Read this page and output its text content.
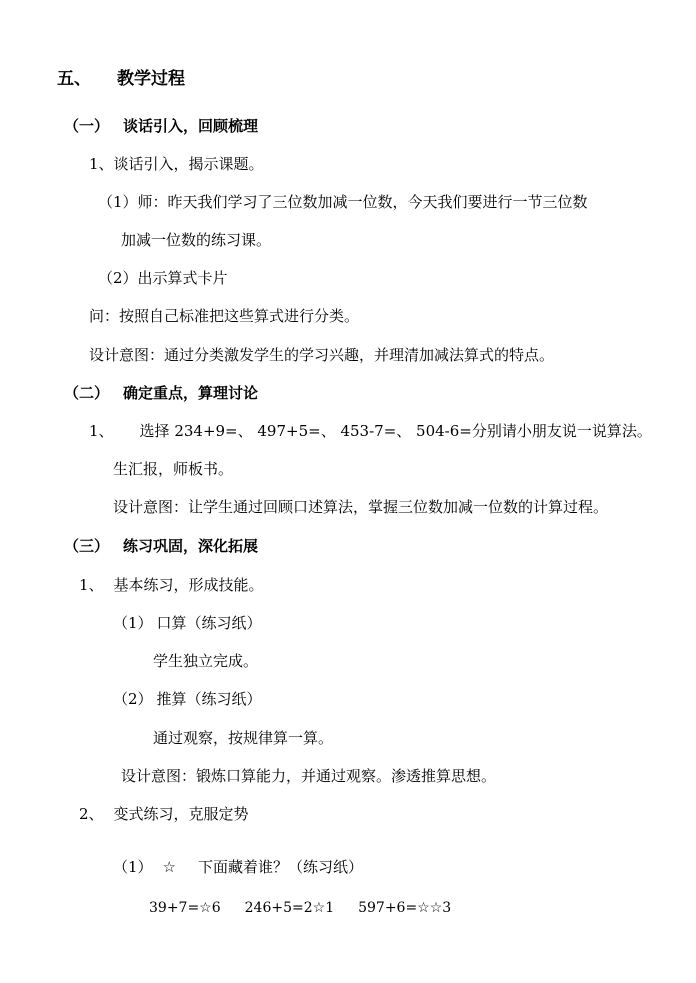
五、 教学过程
（一） 谈话引入，回顾梳理
1、谈话引入，揭示课题。
（1）师：昨天我们学习了三位数加减一位数，今天我们要进行一节三位数
加减一位数的练习课。
（2）出示算式卡片
问：按照自己标准把这些算式进行分类。
设计意图：通过分类激发学生的学习兴趣，并理清加减法算式的特点。
（二） 确定重点，算理讨论
1、 选择 234+9=、 497+5=、 453-7=、 504-6=分别请小朋友说一说算法。
生汇报，师板书。
设计意图：让学生通过回顾口述算法，掌握三位数加减一位数的计算过程。
（三） 练习巩固，深化拓展
1、 基本练习，形成技能。
（1） 口算（练习纸）
学生独立完成。
（2） 推算（练习纸）
通过观察，按规律算一算。
设计意图：锻炼口算能力，并通过观察。渗透推算思想。
2、 变式练习，克服定势
（1） ☆ 下面藏着谁？（练习纸）
39+7=☆6 246+5=2☆1 597+6=☆☆3
